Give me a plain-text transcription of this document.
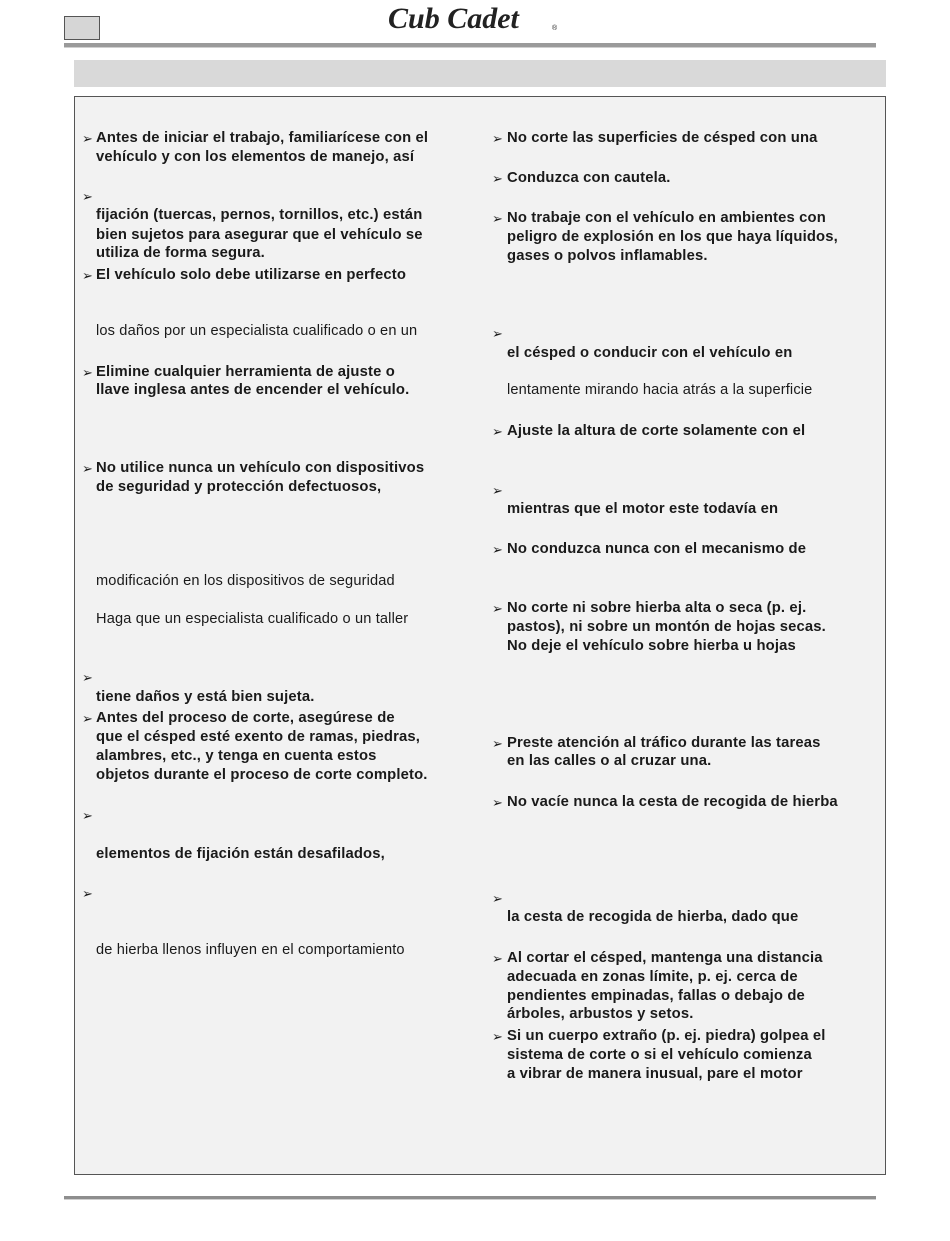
Cub Cadet	®
➢ Antes de iniciar el trabajo, familiarícese con el
vehículo y con los elementos de manejo, así
➢
fijación (tuercas, pernos, tornillos, etc.) están
bien sujetos para asegurar que el vehículo se
utiliza de forma segura.
➢ El vehículo solo debe utilizarse en perfecto
los daños por un especialista cualificado o en un
➢ Elimine cualquier herramienta de ajuste o
llave inglesa antes de encender el vehículo.
➢ No utilice nunca un vehículo con dispositivos
de seguridad y protección defectuosos,
modificación en los dispositivos de seguridad
Haga que un especialista cualificado o un taller
➢
tiene daños y está bien sujeta.
➢ Antes del proceso de corte, asegúrese de
que el césped esté exento de ramas, piedras,
alambres, etc., y tenga en cuenta estos
objetos durante el proceso de corte completo.
➢
elementos de fijación están desafilados,
➢
de hierba llenos influyen en el comportamiento
➢ No corte las superficies de césped con una
➢ Conduzca con cautela.
➢ No trabaje con el vehículo en ambientes con
peligro de explosión en los que haya líquidos,
gases o polvos inflamables.
➢
el césped o conducir con el vehículo en
lentamente mirando hacia atrás a la superficie
➢ Ajuste la altura de corte solamente con el
➢
mientras que el motor este todavía en
➢ No conduzca nunca con el mecanismo de
➢ No corte ni sobre hierba alta o seca (p. ej.
pastos), ni sobre un montón de hojas secas.
No deje el vehículo sobre hierba u hojas
➢ Preste atención al tráfico durante las tareas
en las calles o al cruzar una.
➢ No vacíe nunca la cesta de recogida de hierba
➢
la cesta de recogida de hierba, dado que
➢ Al cortar el césped, mantenga una distancia
adecuada en zonas límite, p. ej. cerca de
pendientes empinadas, fallas o debajo de
árboles, arbustos y setos.
➢ Si un cuerpo extraño (p. ej. piedra) golpea el
sistema de corte o si el vehículo comienza
a vibrar de manera inusual, pare el motor
